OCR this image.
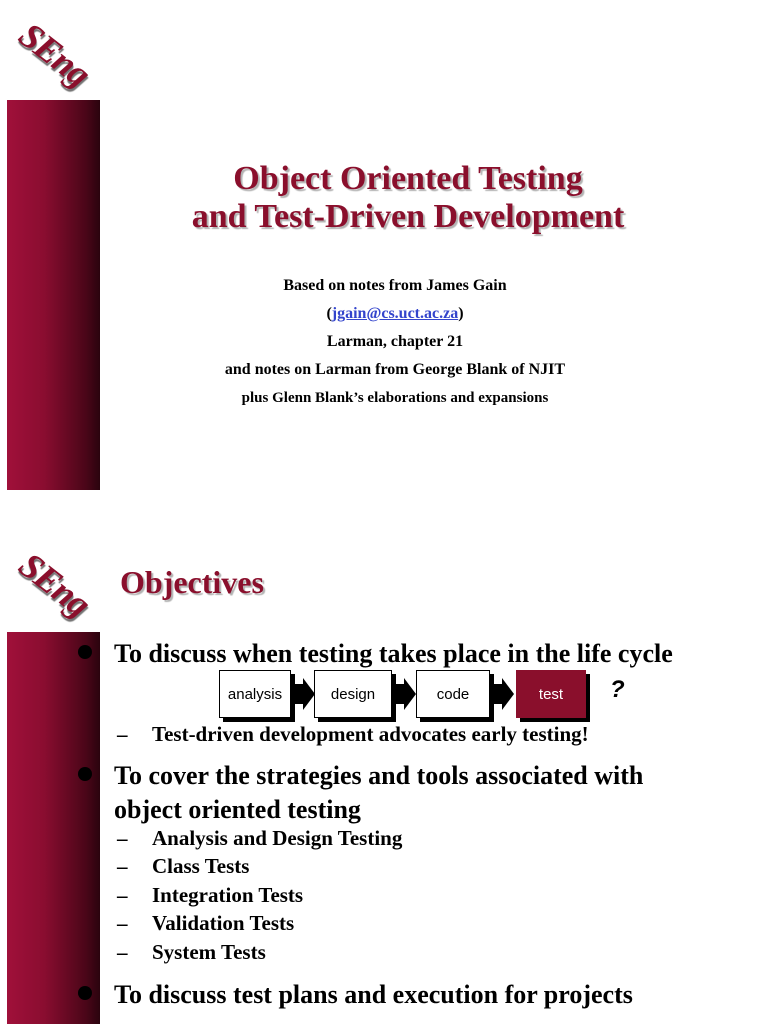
SEng
Object Oriented Testing
and Test-Driven Development
Based on notes from James Gain
(jgain@cs.uct.ac.za)
Larman, chapter 21
and notes on Larman from George Blank of NJIT
plus Glenn Blank’s elaborations and expansions
SEng Objectives
To discuss when testing takes place in the life cycle
analysis	design	code	test	?
– Test-driven development advocates early testing!
To cover the strategies and tools associated with
object oriented testing
– Analysis and Design Testing
– Class Tests
– Integration Tests
– Validation Tests
– System Tests
To discuss test plans and execution for projects
